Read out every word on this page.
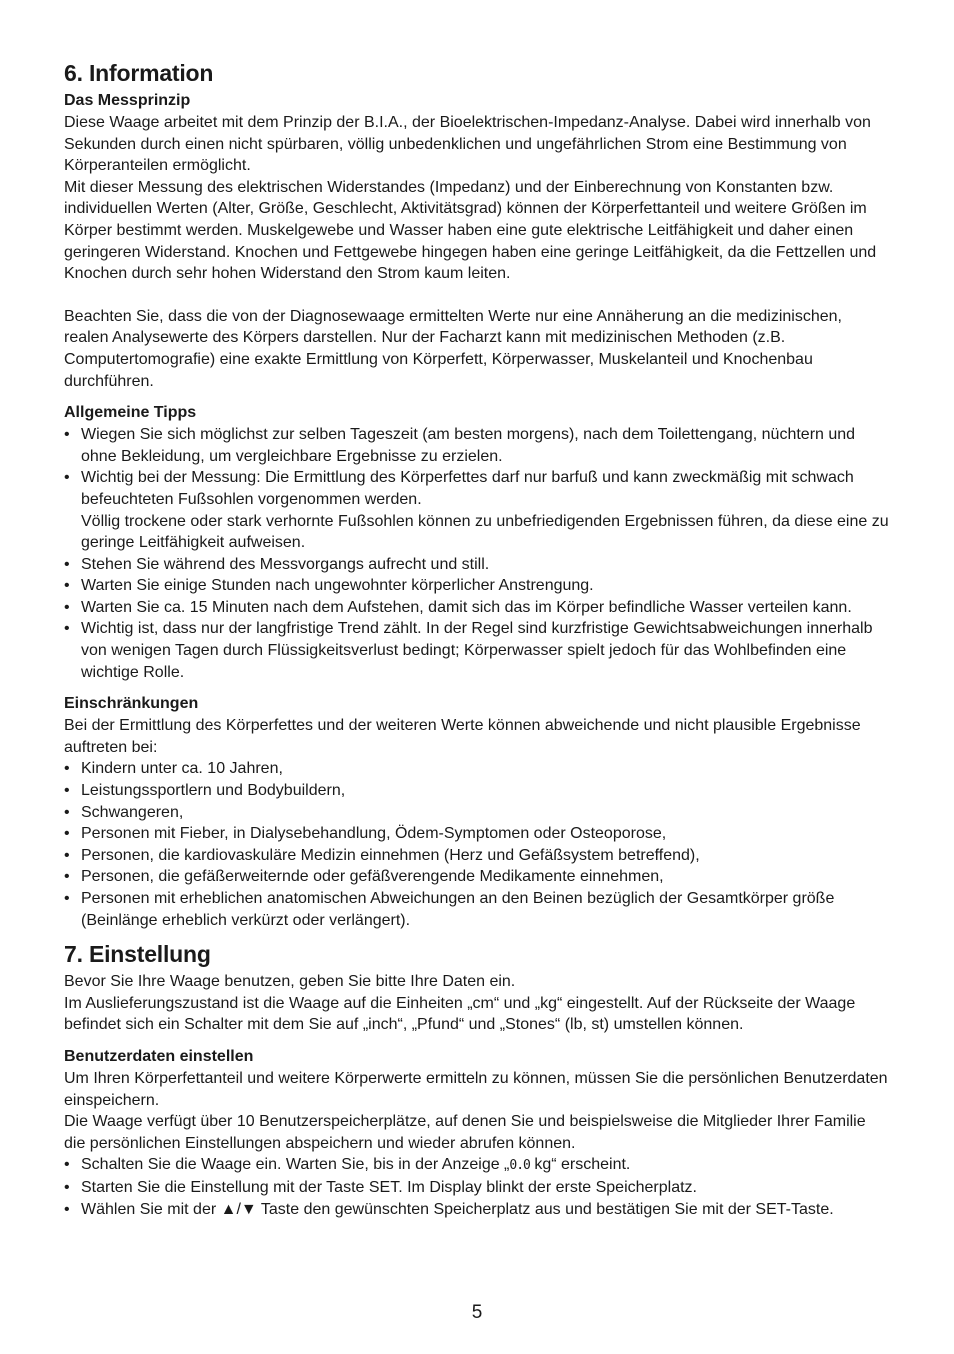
6. Information
Das Messprinzip

Diese Waage arbeitet mit dem Prinzip der B.I.A., der Bioelektrischen-Impedanz-Analyse. Dabei wird innerhalb von Sekunden durch einen nicht spürbaren, völlig unbedenklichen und ungefährlichen Strom eine Bestimmung von Körperanteilen ermöglicht.

Mit dieser Messung des elektrischen Widerstandes (Impedanz) und der Einberechnung von Konstanten bzw. individuellen Werten (Alter, Größe, Geschlecht, Aktivitätsgrad) können der Körperfettanteil und weitere Größen im Körper bestimmt werden. Muskelgewebe und Wasser haben eine gute elektrische Leitfähigkeit und daher einen geringeren Widerstand. Knochen und Fettgewebe hingegen haben eine geringe Leitfähigkeit, da die Fettzellen und Knochen durch sehr hohen Widerstand den Strom kaum leiten.

Beachten Sie, dass die von der Diagnosewaage ermittelten Werte nur eine Annäherung an die medizinischen, realen Analysewerte des Körpers darstellen. Nur der Facharzt kann mit medizinischen Methoden (z.B. Computertomografie) eine exakte Ermittlung von Körperfett, Körperwasser, Muskelanteil und Knochenbau durchführen.

Allgemeine Tipps
• Wiegen Sie sich möglichst zur selben Tageszeit (am besten morgens), nach dem Toilettengang, nüchtern und ohne Bekleidung, um vergleichbare Ergebnisse zu erzielen.
• Wichtig bei der Messung: Die Ermittlung des Körperfettes darf nur barfuß und kann zweckmäßig mit schwach befeuchteten Fußsohlen vorgenommen werden.
Völlig trockene oder stark verhornte Fußsohlen können zu unbefriedigenden Ergebnissen führen, da diese eine zu geringe Leitfähigkeit aufweisen.
• Stehen Sie während des Messvorgangs aufrecht und still.
• Warten Sie einige Stunden nach ungewohnter körperlicher Anstrengung.
• Warten Sie ca. 15 Minuten nach dem Aufstehen, damit sich das im Körper befindliche Wasser verteilen kann.
• Wichtig ist, dass nur der langfristige Trend zählt. In der Regel sind kurzfristige Gewichtsabweichungen innerhalb von wenigen Tagen durch Flüssigkeitsverlust bedingt; Körperwasser spielt jedoch für das Wohlbefinden eine wichtige Rolle.
Einschränkungen

Bei der Ermittlung des Körperfettes und der weiteren Werte können abweichende und nicht plausible Ergebnisse auftreten bei:

• Kindern unter ca. 10 Jahren,
• Leistungssportlern und Bodybuildern,
• Schwangeren,
• Personen mit Fieber, in Dialysebehandlung, Ödem-Symptomen oder Osteoporose,
• Personen, die kardiovaskuläre Medizin einnehmen (Herz und Gefäßsystem betreffend),
• Personen, die gefäßerweiternde oder gefäßverengende Medikamente einnehmen,
• Personen mit erheblichen anatomischen Abweichungen an den Beinen bezüglich der Gesamtkörper größe (Beinlänge erheblich verkürzt oder verlängert).
7. Einstellung

Bevor Sie Ihre Waage benutzen, geben Sie bitte Ihre Daten ein.

Im Auslieferungszustand ist die Waage auf die Einheiten „cm“ und „kg“ eingestellt. Auf der Rückseite der Waage befindet sich ein Schalter mit dem Sie auf „inch“, „Pfund“ und „Stones“ (lb, st) umstellen können.

Benutzerdaten einstellen

Um Ihren Körperfettanteil und weitere Körperwerte ermitteln zu können, müssen Sie die persönlichen Benutzerdaten einspeichern.

Die Waage verfügt über 10 Benutzerspeicherplätze, auf denen Sie und beispielsweise die Mitglieder Ihrer Familie die persönlichen Einstellungen abspeichern und wieder abrufen können.

• Schalten Sie die Waage ein. Warten Sie, bis in der Anzeige „0.0 kg“ erscheint.
• Starten Sie die Einstellung mit der Taste SET. Im Display blinkt der erste Speicherplatz.
• Wählen Sie mit der ▲/▼ Taste den gewünschten Speicherplatz aus und bestätigen Sie mit der SET-Taste.
5
